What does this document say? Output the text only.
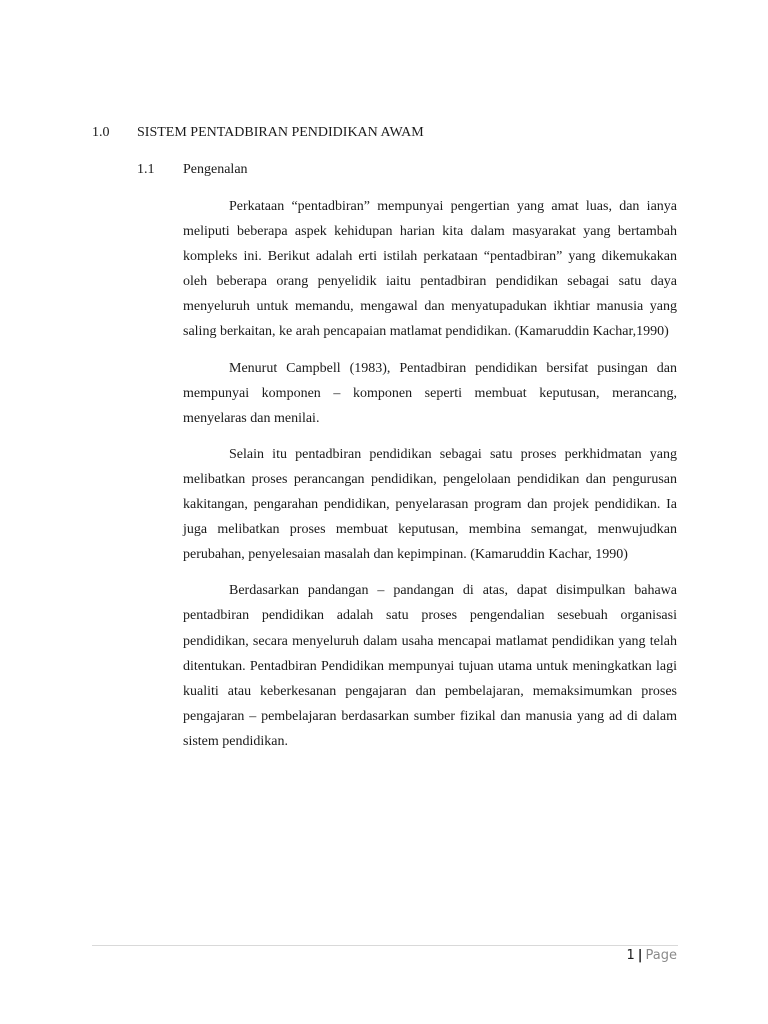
1.0 SISTEM PENTADBIRAN PENDIDIKAN AWAM
1.1 Pengenalan

Perkataan “pentadbiran” mempunyai pengertian yang amat luas, dan ianya meliputi beberapa aspek kehidupan harian kita dalam masyarakat yang bertambah kompleks ini. Berikut adalah erti istilah perkataan “pentadbiran” yang dikemukakan oleh beberapa orang penyelidik iaitu pentadbiran pendidikan sebagai satu daya menyeluruh untuk memandu, mengawal dan menyatupadukan ikhtiar manusia yang saling berkaitan, ke arah pencapaian matlamat pendidikan. (Kamaruddin Kachar,1990)

Menurut Campbell (1983), Pentadbiran pendidikan bersifat pusingan dan mempunyai komponen – komponen seperti membuat keputusan, merancang, menyelaras dan menilai.

Selain itu pentadbiran pendidikan sebagai satu proses perkhidmatan yang melibatkan proses perancangan pendidikan, pengelolaan pendidikan dan pengurusan kakitangan, pengarahan pendidikan, penyelarasan program dan projek pendidikan. Ia juga melibatkan proses membuat keputusan, membina semangat, menwujudkan perubahan, penyelesaian masalah dan kepimpinan. (Kamaruddin Kachar, 1990)

Berdasarkan pandangan – pandangan di atas, dapat disimpulkan bahawa pentadbiran pendidikan adalah satu proses pengendalian sesebuah organisasi pendidikan, secara menyeluruh dalam usaha mencapai matlamat pendidikan yang telah ditentukan. Pentadbiran Pendidikan mempunyai tujuan utama untuk meningkatkan lagi kualiti atau keberkesanan pengajaran dan pembelajaran, memaksimumkan proses pengajaran – pembelajaran berdasarkan sumber fizikal dan manusia yang ad di dalam sistem pendidikan.

1 | Page
